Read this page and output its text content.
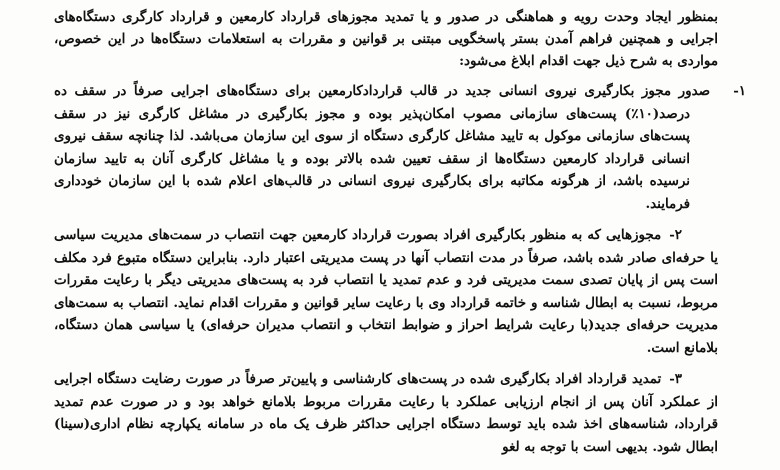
بمنظور ایجاد وحدت رویه و هماهنگی در صدور و یا تمدید مجوزهای قرارداد کارمعین و قرارداد کارگری دستگاه‌های اجرایی و همچنین فراهم آمدن بستر پاسخگویی مبتنی بر قوانین و مقررات به استعلامات دستگاه‌ها در این خصوص، مواردی به شرح ذیل جهت اقدام ابلاغ می‌شود:

۱-صدور مجوز بکارگیری نیروی انسانی جدید در قالب قراردادکارمعین برای دستگاه‌های اجرایی صرفاً در سقف ده درصد(۱۰٪) پست‌های سازمانی مصوب امکان‌پذیر بوده و مجوز بکارگیری در مشاغل کارگری نیز در سقف پست‌های سازمانی موکول به تایید مشاغل کارگری دستگاه از سوی این سازمان می‌باشد. لذا چنانچه سقف نیروی انسانی قرارداد کارمعین دستگاه‌ها از سقف تعیین شده بالاتر بوده و یا مشاغل کارگری آنان به تایید سازمان نرسیده باشد، از هرگونه مکاتبه برای بکارگیری نیروی انسانی در قالب‌های اعلام شده با این سازمان خودداری فرمایند.

۲-مجوزهایی که به منظور بکارگیری افراد بصورت قرارداد کارمعین جهت انتصاب در سمت‌های مدیریت سیاسی یا حرفه‌ای صادر شده باشد، صرفاً در مدت انتصاب آنها در پست مدیریتی اعتبار دارد. بنابراین دستگاه متبوع فرد مکلف است پس از پایان تصدی سمت مدیریتی فرد و عدم تمدید یا انتصاب فرد به پست‌های مدیریتی دیگر با رعایت مقررات مربوط، نسبت به ابطال شناسه و خاتمه قرارداد وی با رعایت سایر قوانین و مقررات اقدام نماید. انتصاب به سمت‌های مدیریت حرفه‌ای جدید(با رعایت شرایط احراز و ضوابط انتخاب و انتصاب مدیران حرفه‌ای) یا سیاسی همان دستگاه، بلامانع است.

۳-تمدید قرارداد افراد بکارگیری شده در پست‌های کارشناسی و پایین‌تر صرفاً در صورت رضایت دستگاه اجرایی از عملکرد آنان پس از انجام ارزیابی عملکرد با رعایت مقررات مربوط بلامانع خواهد بود و در صورت عدم تمدید قرارداد، شناسه‌های اخذ شده باید توسط دستگاه اجرایی حداکثر ظرف یک ماه در سامانه یکپارچه نظام اداری(سینا) ابطال شود. بدیهی است با توجه به لغو
